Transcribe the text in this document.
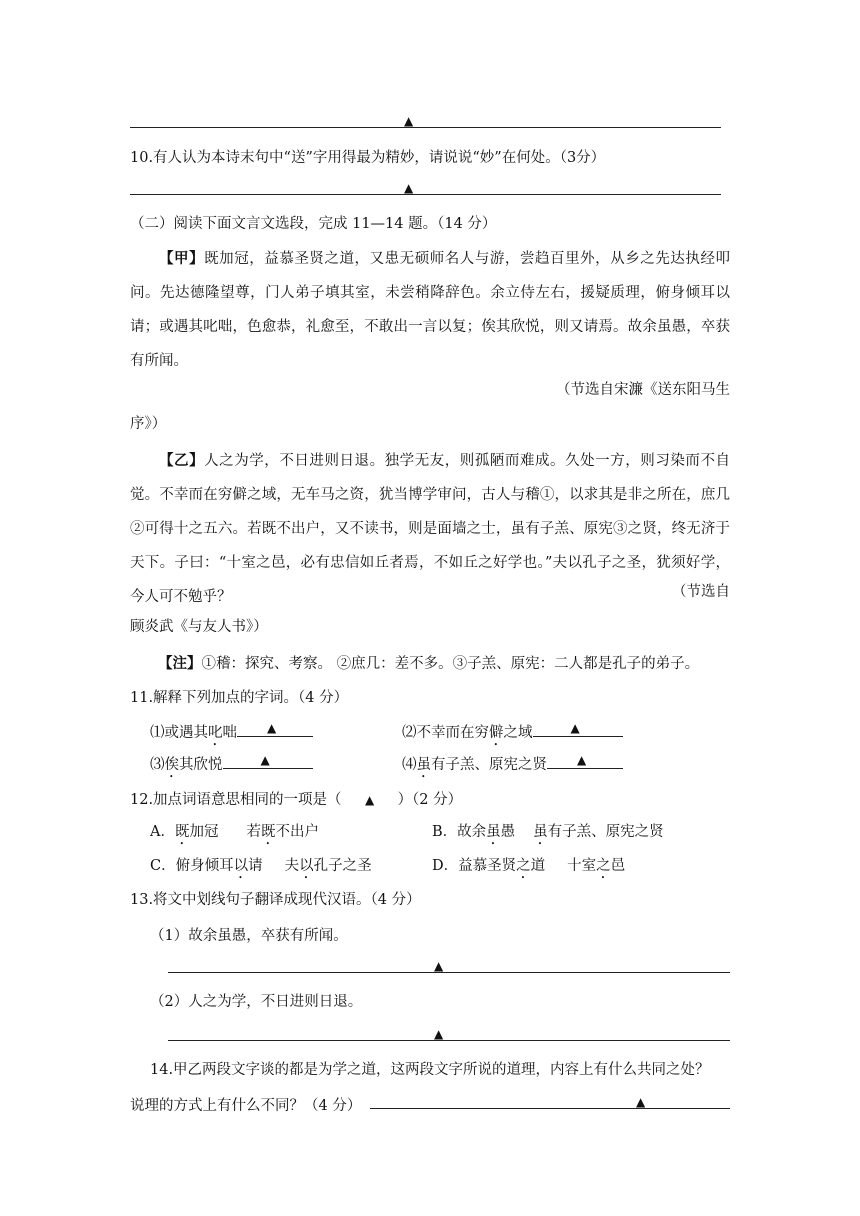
▲
10.有人认为本诗末句中“送”字用得最为精妙，请说说“妙”在何处。（3分）
▲
（二）阅读下面文言文选段，完成 11—14 题。（14 分）
【甲】既加冠，益慕圣贤之道，又患无硕师名人与游，尝趋百里外，从乡之先达执经叩问。先达德隆望尊，门人弟子填其室，未尝稍降辞色。余立侍左右，援疑质理，俯身倾耳以请；或遇其叱咄，色愈恭，礼愈至，不敢出一言以复；俟其欣悦，则又请焉。故余虽愚，卒获有所闻。
（节选自宋濂《送东阳马生
序》）
【乙】人之为学，不日进则日退。独学无友，则孤陋而难成。久处一方，则习染而不自觉。不幸而在穷僻之域，无车马之资，犹当博学审问，古人与稽①，以求其是非之所在，庶几②可得十之五六。若既不出户，又不读书，则是面墙之士，虽有子羔、原宪③之贤，终无济于天下。子曰：“十室之邑，必有忠信如丘者焉，不如丘之好学也。”夫以孔子之圣，犹须好学，今人可不勉乎？	（节选自
顾炎武《与友人书》）
【注】①稽：探究、考察。 ②庶几：差不多。③子羔、原宪：二人都是孔子的弟子。
11.解释下列加点的字词。（4 分）
⑴或遇其叱咄	▲	⑵不幸而在穷僻之域	▲
⑶俟其欣悦	▲	⑷虽有子羔、原宪之贤	▲
12.加点词语意思相同的一项是（ ▲ ）（2 分）
A．既加冠 若既不出户	B．故余虽愚 虽有子羔、原宪之贤
C．俯身倾耳以请 夫以孔子之圣	D．益慕圣贤之道 十室之邑
13.将文中划线句子翻译成现代汉语。（4 分）
（1）故余虽愚，卒获有所闻。
▲
（2）人之为学，不日进则日退。
▲
14.甲乙两段文字谈的都是为学之道，这两段文字所说的道理，内容上有什么共同之处？
说理的方式上有什么不同？（4 分）	▲
